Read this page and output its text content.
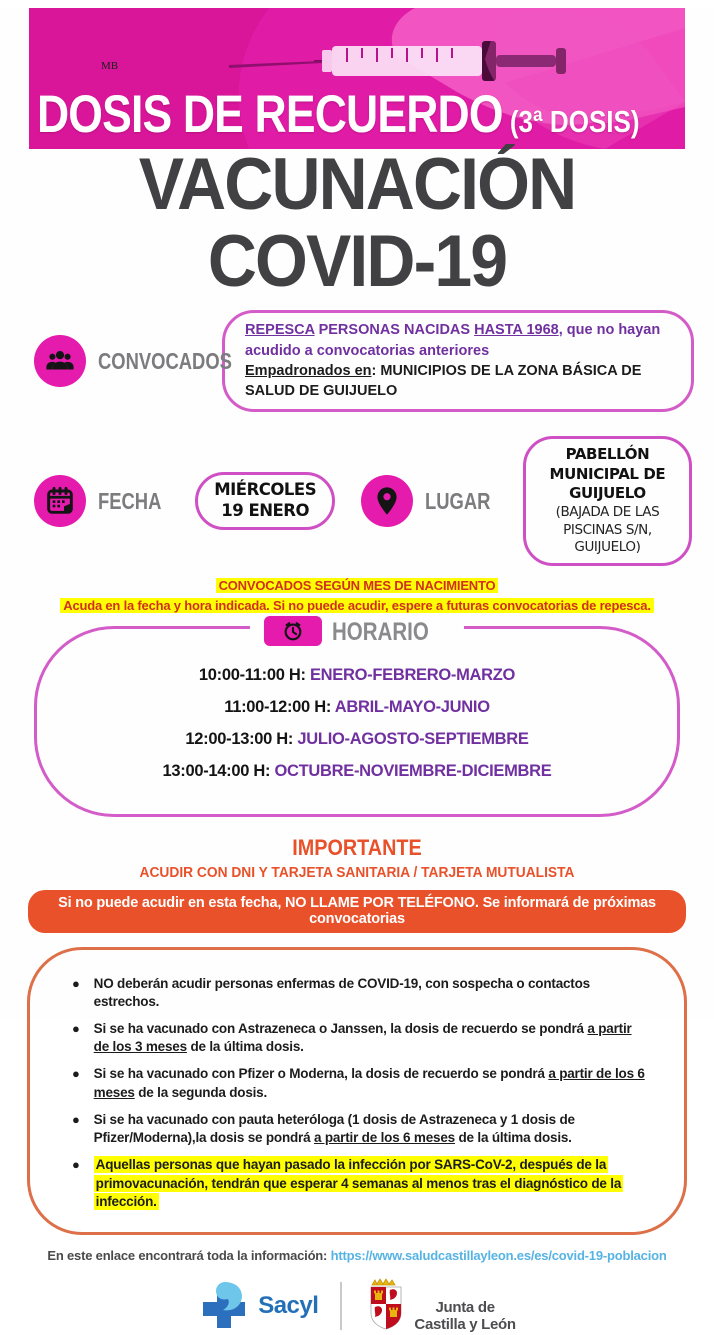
MB
DOSIS DE RECUERDO (3ª DOSIS)
VACUNACIÓN COVID-19
CONVOCADOS
REPESCA PERSONAS NACIDAS HASTA 1968, que no hayan acudido a convocatorias anteriores
Empadronados en: MUNICIPIOS DE LA ZONA BÁSICA DE SALUD DE GUIJUELO
FECHA	MIÉRCOLES
19 ENERO	LUGAR
PABELLÓN MUNICIPAL DE GUIJUELO
(BAJADA DE LAS PISCINAS S/N,
GUIJUELO)
CONVOCADOS SEGÚN MES DE NACIMIENTO
Acuda en la fecha y hora indicada. Si no puede acudir, espere a futuras convocatorias de repesca.
HORARIO
10:00-11:00 H: ENERO-FEBRERO-MARZO
11:00-12:00 H: ABRIL-MAYO-JUNIO
12:00-13:00 H: JULIO-AGOSTO-SEPTIEMBRE
13:00-14:00 H: OCTUBRE-NOVIEMBRE-DICIEMBRE
IMPORTANTE
ACUDIR CON DNI Y TARJETA SANITARIA / TARJETA MUTUALISTA
Si no puede acudir en esta fecha, NO LLAME POR TELÉFONO. Se informará de próximas convocatorias
● NO deberán acudir personas enfermas de COVID-19, con sospecha o contactos estrechos.
● Si se ha vacunado con Astrazeneca o Janssen, la dosis de recuerdo se pondrá a partir de los 3 meses de la última dosis.
● Si se ha vacunado con Pfizer o Moderna, la dosis de recuerdo se pondrá a partir de los 6 meses de la segunda dosis.
● Si se ha vacunado con pauta heteróloga (1 dosis de Astrazeneca y 1 dosis de Pfizer/Moderna),la dosis se pondrá a partir de los 6 meses de la última dosis.
● Aquellas personas que hayan pasado la infección por SARS-CoV-2, después de la primovacunación, tendrán que esperar 4 semanas al menos tras el diagnóstico de la infección.
En este enlace encontrará toda la información: https://www.saludcastillayleon.es/es/covid-19-poblacion
Sacyl	Junta de
Castilla y León
